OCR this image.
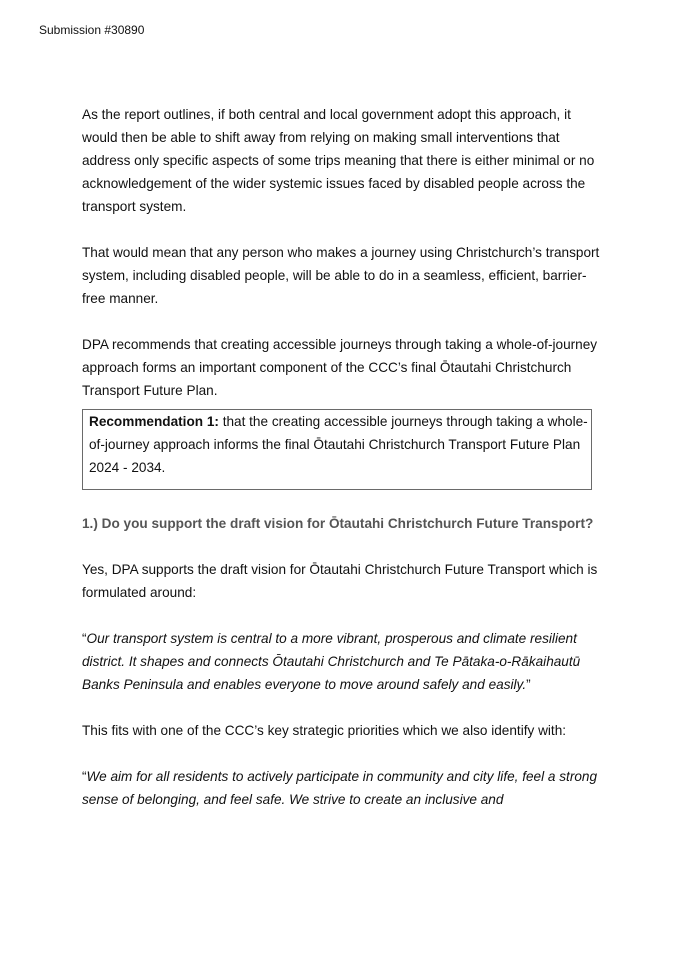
Submission #30890

As the report outlines, if both central and local government adopt this approach, it would then be able to shift away from relying on making small interventions that address only specific aspects of some trips meaning that there is either minimal or no acknowledgement of the wider systemic issues faced by disabled people across the transport system.

That would mean that any person who makes a journey using Christchurch’s transport system, including disabled people, will be able to do in a seamless, efficient, barrier-free manner.

DPA recommends that creating accessible journeys through taking a whole-of-journey approach forms an important component of the CCC’s final Ōtautahi Christchurch Transport Future Plan.

Recommendation 1: that the creating accessible journeys through taking a whole-of-journey approach informs the final Ōtautahi Christchurch Transport Future Plan 2024 - 2034.

1.) Do you support the draft vision for Ōtautahi Christchurch Future Transport?

Yes, DPA supports the draft vision for Ōtautahi Christchurch Future Transport which is formulated around:

“Our transport system is central to a more vibrant, prosperous and climate resilient district. It shapes and connects Ōtautahi Christchurch and Te Pātaka-o-Rākaihautū Banks Peninsula and enables everyone to move around safely and easily.”

This fits with one of the CCC’s key strategic priorities which we also identify with:

“We aim for all residents to actively participate in community and city life, feel a strong sense of belonging, and feel safe. We strive to create an inclusive and
